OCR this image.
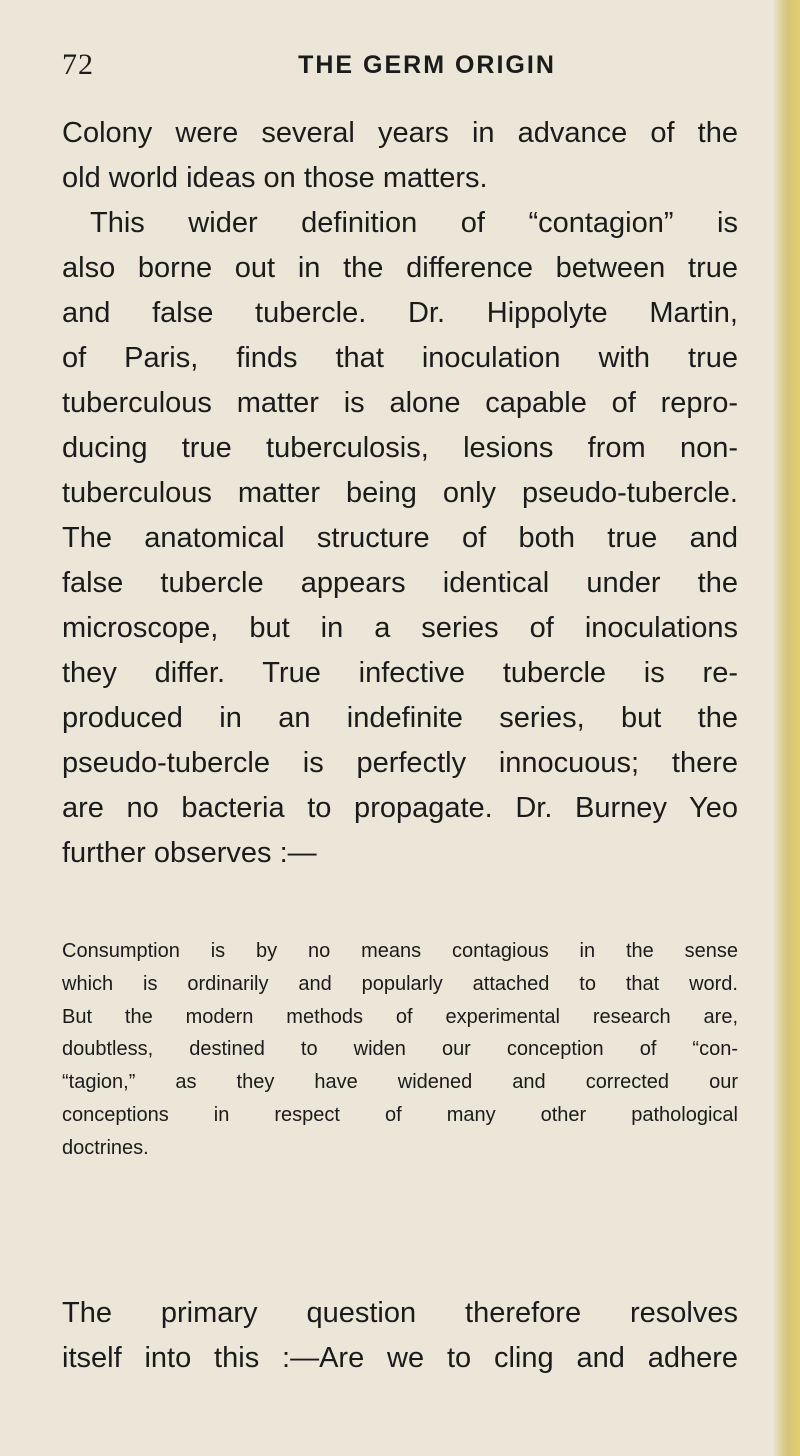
72	THE GERM ORIGIN

Colony were several years in advance of the
old world ideas on those matters.
This wider definition of “contagion” is
also borne out in the difference between true
and false tubercle. Dr. Hippolyte Martin,
of Paris, finds that inoculation with true
tuberculous matter is alone capable of repro-
ducing true tuberculosis, lesions from non-
tuberculous matter being only pseudo-tubercle.
The anatomical structure of both true and
false tubercle appears identical under the
microscope, but in a series of inoculations
they differ. True infective tubercle is re-
produced in an indefinite series, but the
pseudo-tubercle is perfectly innocuous; there
are no bacteria to propagate. Dr. Burney Yeo
further observes :—

Consumption is by no means contagious in the sense
which is ordinarily and popularly attached to that word.
But the modern methods of experimental research are,
doubtless, destined to widen our conception of “con-
“tagion,” as they have widened and corrected our
conceptions in respect of many other pathological
doctrines.

The primary question therefore resolves
itself into this :—Are we to cling and adhere
